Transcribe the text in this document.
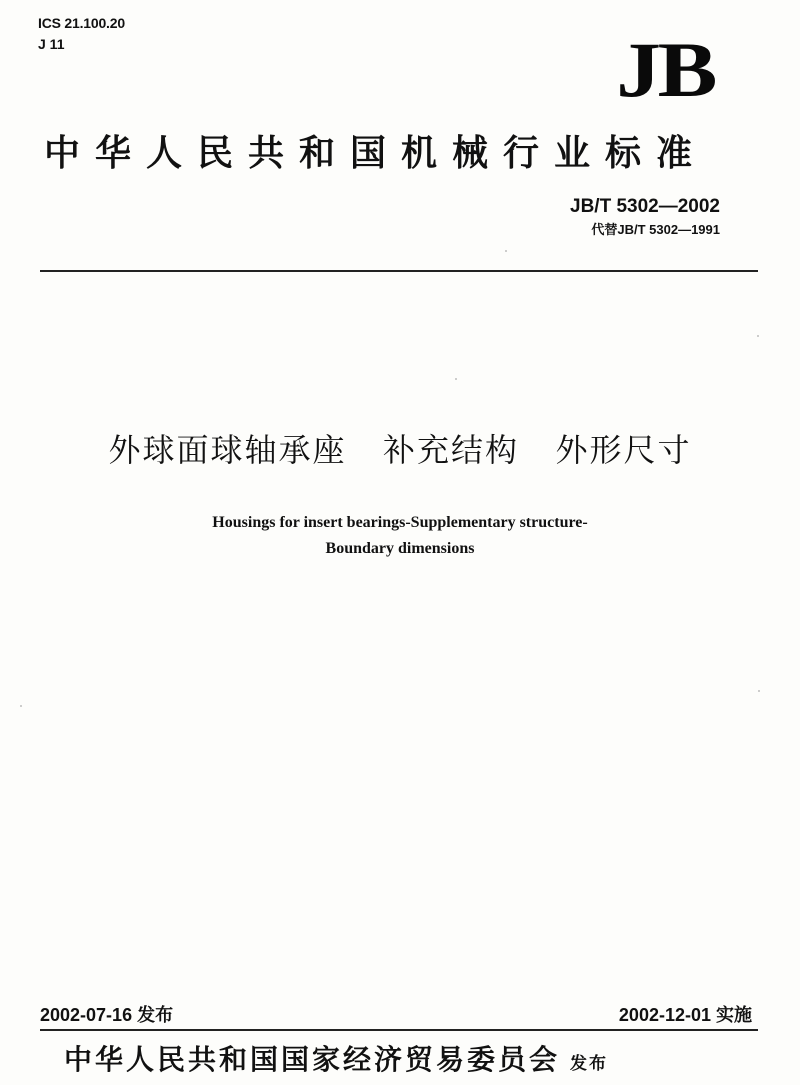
ICS 21.100.20
J 11	JB
中华人民共和国机械行业标准
JB/T 5302—2002
代替JB/T 5302—1991
外球面球轴承座   补充结构   外形尺寸
Housings for insert bearings-Supplementary structure-
Boundary dimensions
2002-07-16 发布	2002-12-01 实施
中华人民共和国国家经济贸易委员会 发布
